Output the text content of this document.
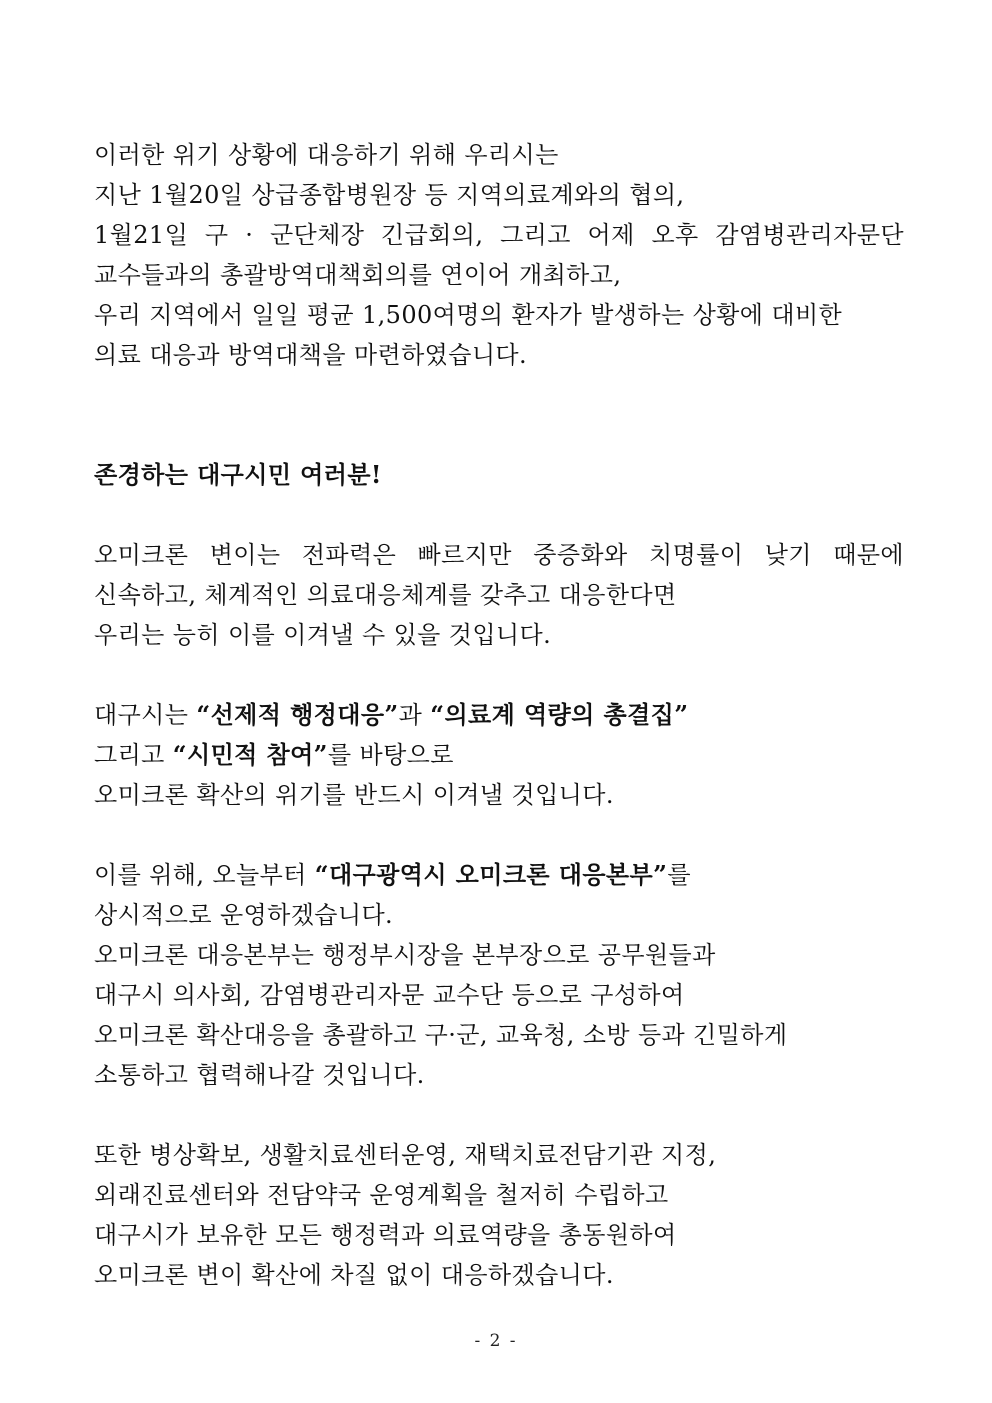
이러한 위기 상황에 대응하기 위해 우리시는
지난 1월20일 상급종합병원장 등 지역의료계와의 협의,
1월21일 구 · 군단체장 긴급회의, 그리고 어제 오후 감염병관리자문단
교수들과의 총괄방역대책회의를 연이어 개최하고,
우리 지역에서 일일 평균 1,500여명의 환자가 발생하는 상황에 대비한
의료 대응과 방역대책을 마련하였습니다.
존경하는 대구시민 여러분!
오미크론 변이는 전파력은 빠르지만 중증화와 치명률이 낮기 때문에
신속하고, 체계적인 의료대응체계를 갖추고 대응한다면
우리는 능히 이를 이겨낼 수 있을 것입니다.
대구시는 “선제적 행정대응”과 “의료계 역량의 총결집”
그리고 “시민적 참여”를 바탕으로
오미크론 확산의 위기를 반드시 이겨낼 것입니다.
이를 위해, 오늘부터 “대구광역시 오미크론 대응본부”를
상시적으로 운영하겠습니다.
오미크론 대응본부는 행정부시장을 본부장으로 공무원들과
대구시 의사회, 감염병관리자문 교수단 등으로 구성하여
오미크론 확산대응을 총괄하고 구·군, 교육청, 소방 등과 긴밀하게
소통하고 협력해나갈 것입니다.
또한 병상확보, 생활치료센터운영, 재택치료전담기관 지정,
외래진료센터와 전담약국 운영계획을 철저히 수립하고
대구시가 보유한 모든 행정력과 의료역량을 총동원하여
오미크론 변이 확산에 차질 없이 대응하겠습니다.
- 2 -
